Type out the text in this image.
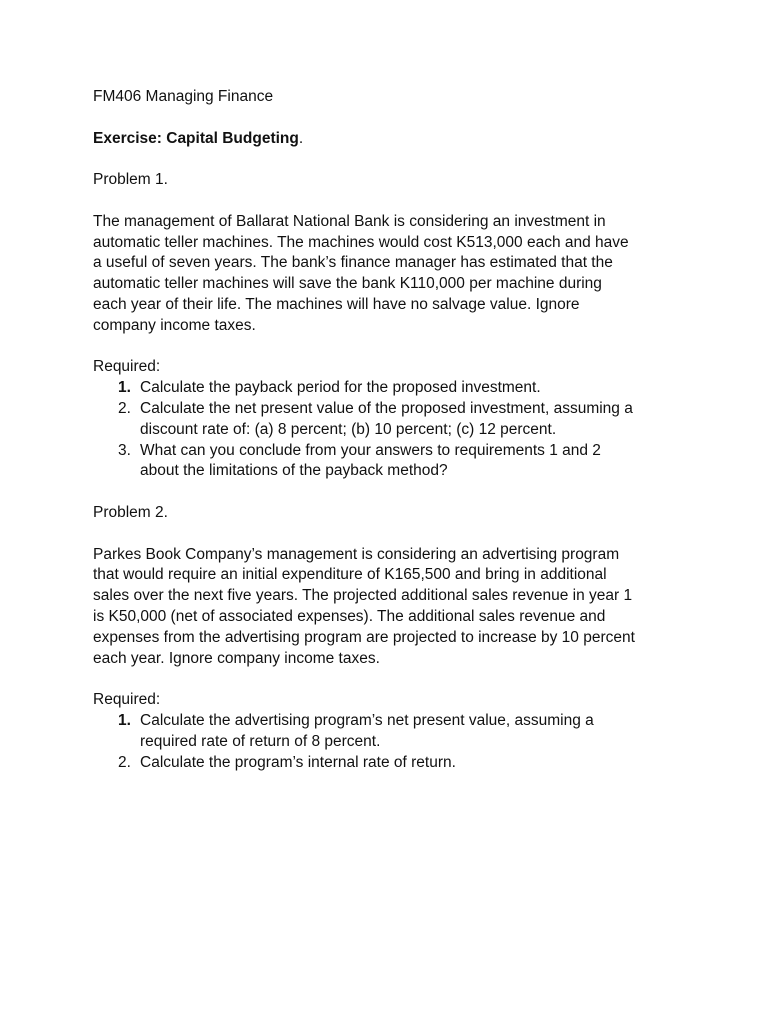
FM406 Managing Finance

Exercise: Capital Budgeting.

Problem 1.

The management of Ballarat National Bank is considering an investment in

automatic teller machines. The machines would cost K513,000 each and have

a useful of seven years. The bank’s finance manager has estimated that the

automatic teller machines will save the bank K110,000 per machine during

each year of their life. The machines will have no salvage value. Ignore

company income taxes.

Required:

1. Calculate the payback period for the proposed investment.

2. Calculate the net present value of the proposed investment, assuming a

discount rate of: (a) 8 percent; (b) 10 percent; (c) 12 percent.

3. What can you conclude from your answers to requirements 1 and 2

about the limitations of the payback method?

Problem 2.

Parkes Book Company’s management is considering an advertising program

that would require an initial expenditure of K165,500 and bring in additional

sales over the next five years. The projected additional sales revenue in year 1

is K50,000 (net of associated expenses). The additional sales revenue and

expenses from the advertising program are projected to increase by 10 percent

each year. Ignore company income taxes.

Required:

1. Calculate the advertising program’s net present value, assuming a

required rate of return of 8 percent.

2. Calculate the program’s internal rate of return.
